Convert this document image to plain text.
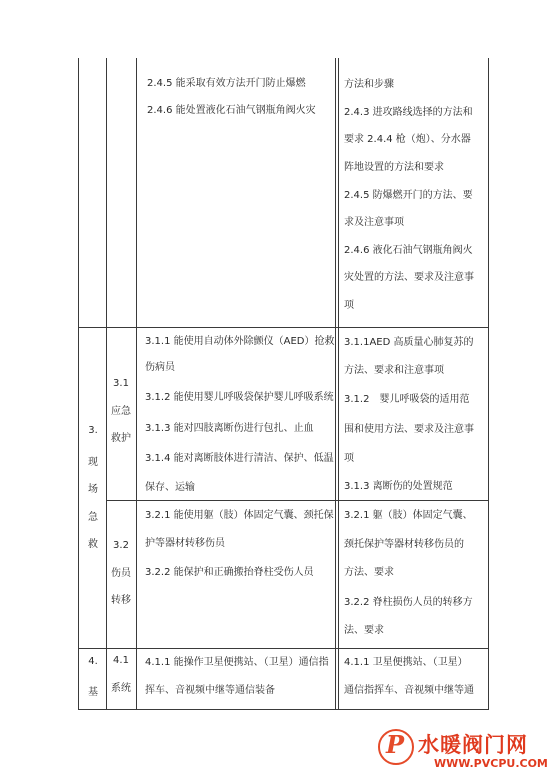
2.4.5 能采取有效方法开门防止爆燃
2.4.6 能处置液化石油气钢瓶角阀火灾
方法和步骤
2.4.3 进攻路线选择的方法和
要求 2.4.4 枪（炮）、分水器
阵地设置的方法和要求
2.4.5 防爆燃开门的方法、要
求及注意事项
2.4.6 液化石油气钢瓶角阀火
灾处置的方法、要求及注意事
项
3.
现
场
急
救
3.1
应急
救护
3.1.1 能使用自动体外除颤仪（AED）抢救
伤病员
3.1.2 能使用婴儿呼吸袋保护婴儿呼吸系统
3.1.3 能对四肢离断伤进行包扎、止血
3.1.4 能对离断肢体进行清洁、保护、低温
保存、运输
3.1.1AED 高质量心肺复苏的
方法、要求和注意事项
3.1.2　婴儿呼吸袋的适用范
围和使用方法、要求及注意事
项
3.1.3 离断伤的处置规范
3.2
伤员
转移
3.2.1 能使用躯（肢）体固定气囊、颈托保
护等器材转移伤员
3.2.2 能保护和正确搬抬脊柱受伤人员
3.2.1 躯（肢）体固定气囊、
颈托保护等器材转移伤员的
方法、要求
3.2.2 脊柱损伤人员的转移方
法、要求
4.
基
4.1
系统
4.1.1 能操作卫星便携站、（卫星）通信指
挥车、音视频中继等通信装备
4.1.1 卫星便携站、（卫星）
通信指挥车、音视频中继等通
P 水暖阀门网
WWW.PVCPU.COM
